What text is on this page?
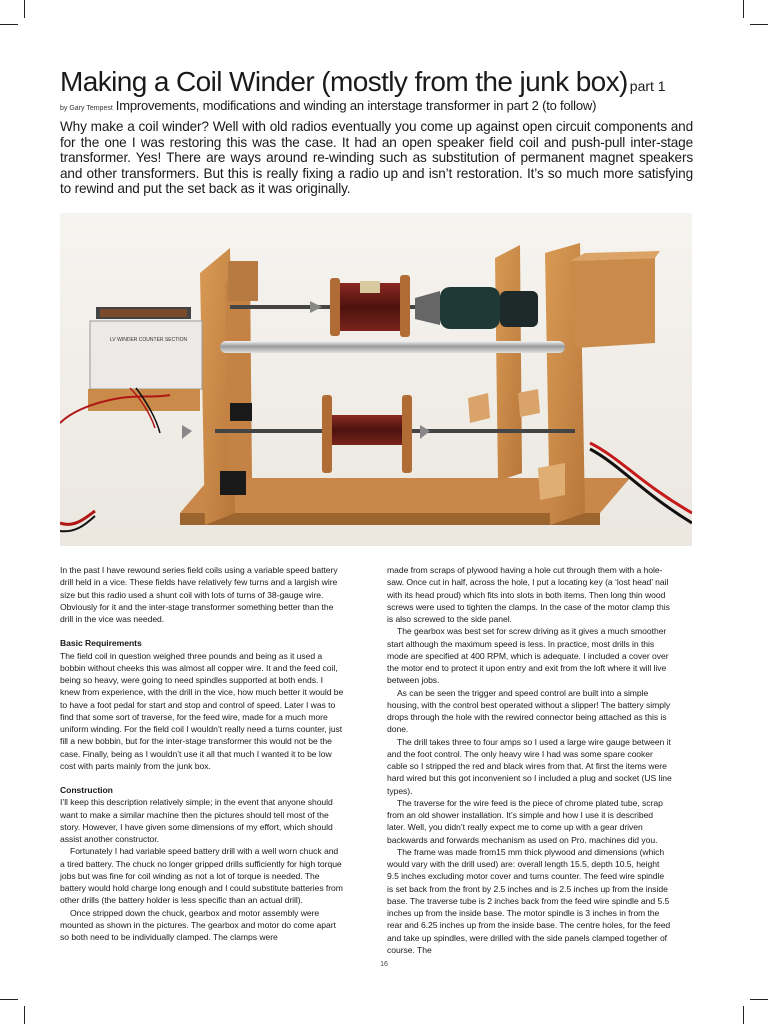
Making a Coil Winder (mostly from the junk box) part 1
by Gary Tempest Improvements, modifications and winding an interstage transformer in part 2 (to follow)
Why make a coil winder? Well with old radios eventually you come up against open circuit components and for the one I was restoring this was the case. It had an open speaker field coil and push-pull inter-stage transformer. Yes! There are ways around re-winding such as substitution of permanent magnet speakers and other transformers. But this is really fixing a radio up and isn’t restoration. It’s so much more satisfying to rewind and put the set back as it was originally.
LV WINDER COUNTER SECTION

In the past I have rewound series field coils using a variable speed battery drill held in a vice. These fields have relatively few turns and a largish wire size but this radio used a shunt coil with lots of turns of 38-gauge wire. Obviously for it and the inter-stage transformer something better than the drill in the vice was needed.

Basic Requirements

The field coil in question weighed three pounds and being as it used a bobbin without cheeks this was almost all copper wire. It and the feed coil, being so heavy, were going to need spindles supported at both ends. I knew from experience, with the drill in the vice, how much better it would be to have a foot pedal for start and stop and control of speed. Later I was to find that some sort of traverse, for the feed wire, made for a much more uniform winding. For the field coil I wouldn’t really need a turns counter, just fill a new bobbin, but for the inter-stage transformer this would not be the case. Finally, being as I wouldn’t use it all that much I wanted it to be low cost with parts mainly from the junk box.

Construction

I’ll keep this description relatively simple; in the event that anyone should want to make a similar machine then the pictures should tell most of the story. However, I have given some dimensions of my effort, which should assist another constructor.

Fortunately I had variable speed battery drill with a well worn chuck and a tired battery. The chuck no longer gripped drills sufficiently for high torque jobs but was fine for coil winding as not a lot of torque is needed. The battery would hold charge long enough and I could substitute batteries from other drills (the battery holder is less specific than an actual drill).

Once stripped down the chuck, gearbox and motor assembly were mounted as shown in the pictures. The gearbox and motor do come apart so both need to be individually clamped. The clamps were

made from scraps of plywood having a hole cut through them with a hole-saw. Once cut in half, across the hole, I put a locating key (a ‘lost head’ nail with its head proud) which fits into slots in both items. Then long thin wood screws were used to tighten the clamps. In the case of the motor clamp this is also screwed to the side panel.

The gearbox was best set for screw driving as it gives a much smoother start although the maximum speed is less. In practice, most drills in this mode are specified at 400 RPM, which is adequate. I included a cover over the motor end to protect it upon entry and exit from the loft where it will live between jobs.

As can be seen the trigger and speed control are built into a simple housing, with the control best operated without a slipper! The battery simply drops through the hole with the rewired connector being attached as this is done.

The drill takes three to four amps so I used a large wire gauge between it and the foot control. The only heavy wire I had was some spare cooker cable so I stripped the red and black wires from that. At first the items were hard wired but this got inconvenient so I included a plug and socket (US line types).

The traverse for the wire feed is the piece of chrome plated tube, scrap from an old shower installation. It’s simple and how I use it is described later. Well, you didn’t really expect me to come up with a gear driven backwards and forwards mechanism as used on Pro. machines did you.

The frame was made from15 mm thick plywood and dimensions (which would vary with the drill used) are: overall length 15.5, depth 10.5, height 9.5 inches excluding motor cover and turns counter. The feed wire spindle is set back from the front by 2.5 inches and is 2.5 inches up from the inside base. The traverse tube is 2 inches back from the feed wire spindle and 5.5 inches up from the inside base. The motor spindle is 3 inches in from the rear and 6.25 inches up from the inside base. The centre holes, for the feed and take up spindles, were drilled with the side panels clamped together of course. The

16
